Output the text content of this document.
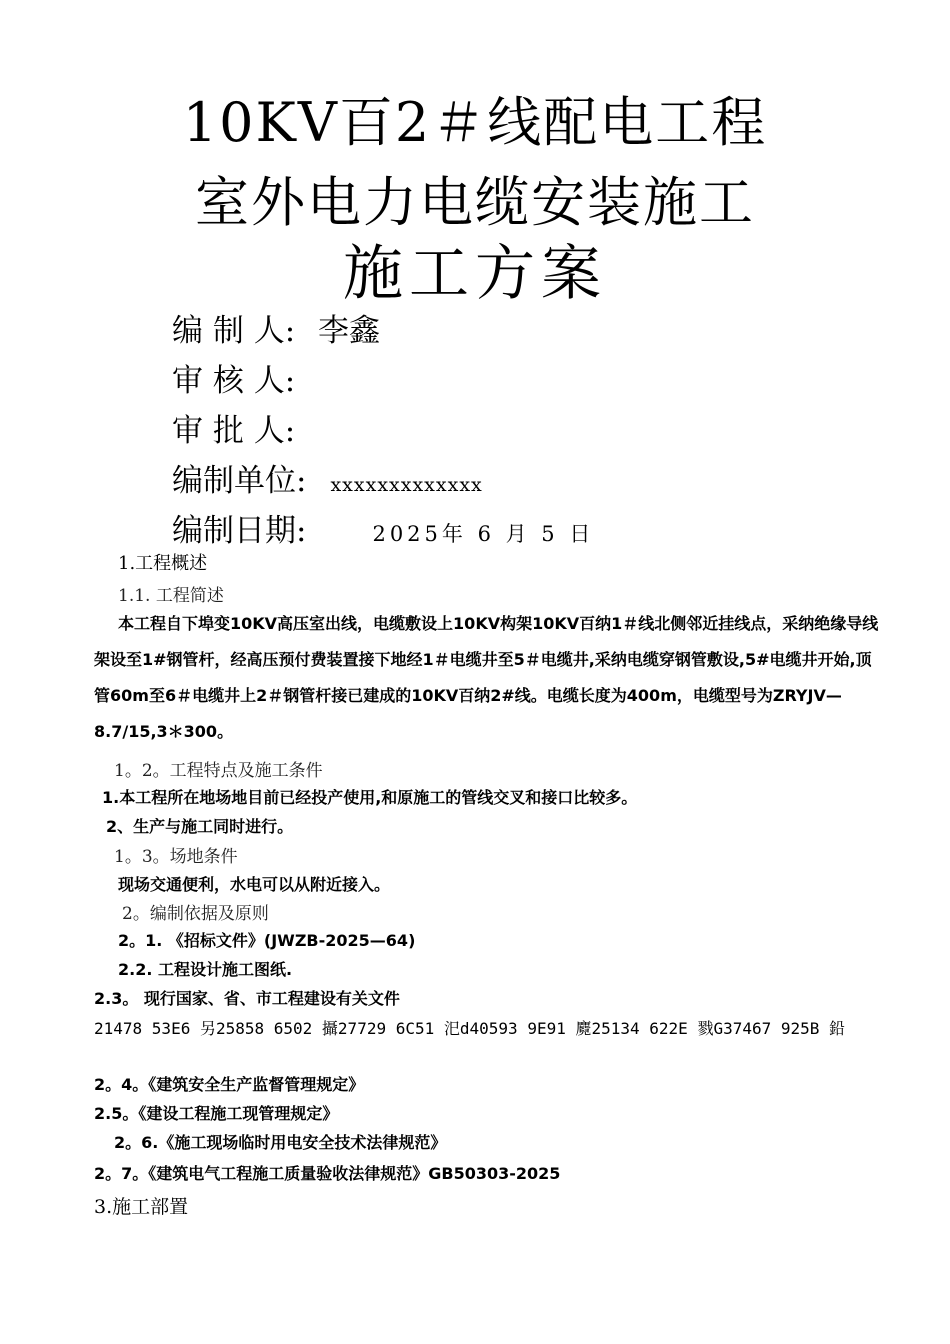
10KV百2＃线配电工程
室外电力电缆安装施工
施工方案
编 制 人: 李鑫
审 核 人:
审 批 人:
编制单位: xxxxxxxxxxxxx
编制日期:	2025年 6 月 5 日
1.工程概述
1.1. 工程简述
本工程自下埠变10KV高压室出线，电缆敷设上10KV构架10KV百纳1＃线北侧邻近挂线点，采纳绝缘导线架设至1#钢管杆，经高压预付费装置接下地经1＃电缆井至5＃电缆井,采纳电缆穿钢管敷设,5#电缆井开始,顶管60m至6＃电缆井上2＃钢管杆接已建成的10KV百纳2#线。电缆长度为400m，电缆型号为ZRYJV—8.7/15,3＊300。
1。2。工程特点及施工条件
1.本工程所在地场地目前已经投产使用,和原施工的管线交叉和接口比较多。
2、生产与施工同时进行。
1。3。场地条件
现场交通便利，水电可以从附近接入。
2。编制依据及原则
2。1. 《招标文件》(JWZB-2025—64)
2.2. 工程设计施工图纸.
2.3。 现行国家、省、市工程建设有关文件
21478 53E6 另25858 6502 攝27729 6C51 汜d40593 9E91 麑25134 622E 戮G37467 925B 鉛
2。4。《建筑安全生产监督管理规定》
2.5。《建设工程施工现管理规定》
2。6.《施工现场临时用电安全技术法律规范》
2。7。《建筑电气工程施工质量验收法律规范》GB50303-2025
3.施工部置
